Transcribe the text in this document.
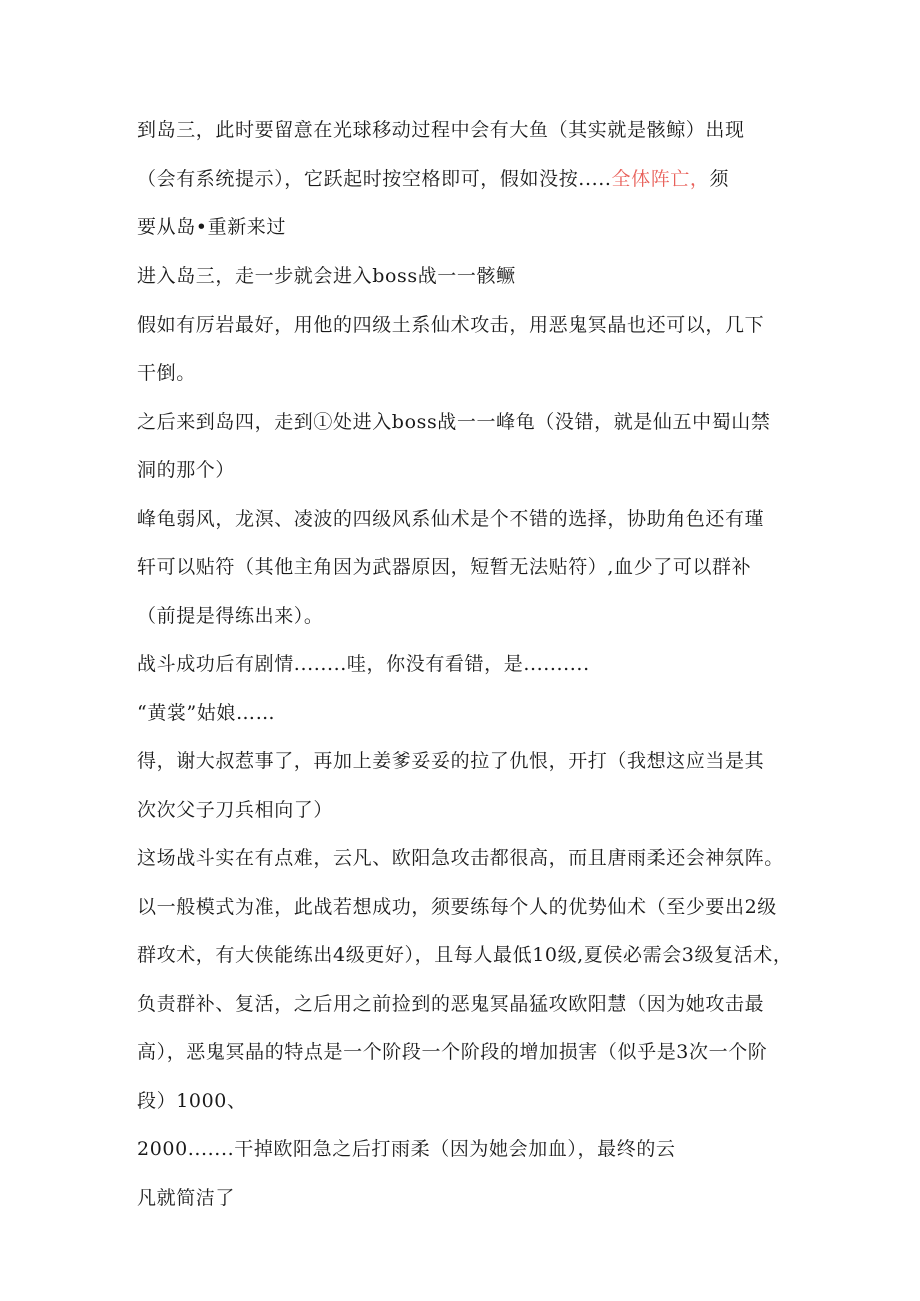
到岛三，此时要留意在光球移动过程中会有大鱼（其实就是骸鲸）出现
（会有系统提示），它跃起时按空格即可，假如没按.....全体阵亡，须
要从岛•重新来过
进入岛三，走一步就会进入boss战一一骸鳜
假如有厉岩最好，用他的四级土系仙术攻击，用恶鬼冥晶也还可以，几下
干倒。
之后来到岛四，走到①处进入boss战一一峰龟（没错，就是仙五中蜀山禁
洞的那个）
峰龟弱风，龙溟、凌波的四级风系仙术是个不错的选择，协助角色还有瑾
轩可以贴符（其他主角因为武器原因，短暂无法贴符）,血少了可以群补
（前提是得练出来）。
战斗成功后有剧情........哇，你没有看错，是..........
“黄裳”姑娘……
得，谢大叔惹事了，再加上姜爹妥妥的拉了仇恨，开打（我想这应当是其
次次父子刀兵相向了）
这场战斗实在有点难，云凡、欧阳急攻击都很高，而且唐雨柔还会神氛阵。
以一般模式为准，此战若想成功，须要练每个人的优势仙术（至少要出2级
群攻术，有大侠能练出4级更好），且每人最低10级,夏侯必需会3级复活术，
负责群补、复活，之后用之前捡到的恶鬼冥晶猛攻欧阳慧（因为她攻击最
高），恶鬼冥晶的特点是一个阶段一个阶段的增加损害（似乎是3次一个阶
段）1000、
2000.......干掉欧阳急之后打雨柔（因为她会加血），最终的云
凡就简洁了
